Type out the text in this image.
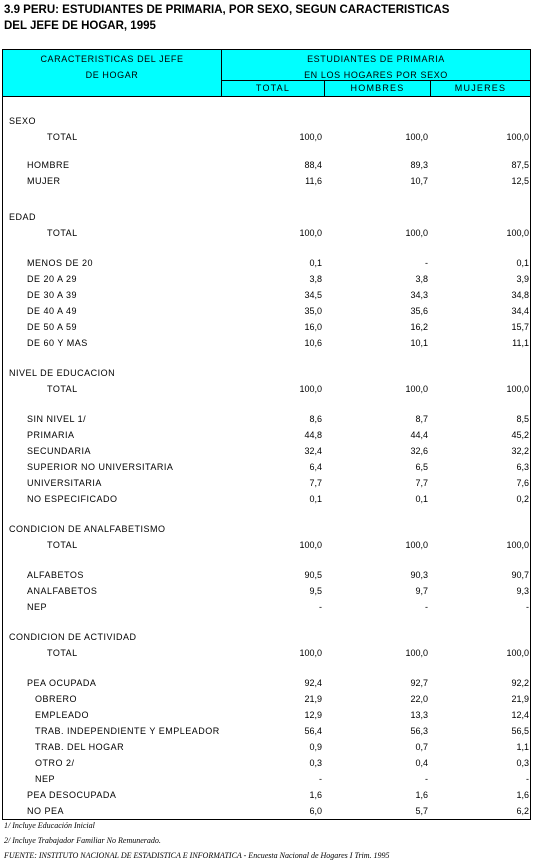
3.9 PERU: ESTUDIANTES DE PRIMARIA, POR SEXO, SEGUN CARACTERISTICAS
DEL JEFE DE HOGAR, 1995
CARACTERISTICAS DEL JEFE
DE HOGAR
ESTUDIANTES DE PRIMARIA
EN LOS HOGARES POR SEXO
TOTAL	HOMBRES	MUJERES
SEXO
TOTAL	100,0	100,0	100,0
HOMBRE	88,4	89,3	87,5
MUJER	11,6	10,7	12,5
EDAD
TOTAL	100,0	100,0	100,0
MENOS DE 20	0,1	-	0,1
DE 20 A 29	3,8	3,8	3,9
DE 30 A 39	34,5	34,3	34,8
DE 40 A 49	35,0	35,6	34,4
DE 50 A 59	16,0	16,2	15,7
DE 60 Y MAS	10,6	10,1	11,1
NIVEL DE EDUCACION
TOTAL	100,0	100,0	100,0
SIN NIVEL 1/	8,6	8,7	8,5
PRIMARIA	44,8	44,4	45,2
SECUNDARIA	32,4	32,6	32,2
SUPERIOR NO UNIVERSITARIA	6,4	6,5	6,3
UNIVERSITARIA	7,7	7,7	7,6
NO ESPECIFICADO	0,1	0,1	0,2
CONDICION DE ANALFABETISMO
TOTAL	100,0	100,0	100,0
ALFABETOS	90,5	90,3	90,7
ANALFABETOS	9,5	9,7	9,3
NEP	-	-	-
CONDICION DE ACTIVIDAD
TOTAL	100,0	100,0	100,0
PEA OCUPADA	92,4	92,7	92,2
OBRERO	21,9	22,0	21,9
EMPLEADO	12,9	13,3	12,4
TRAB. INDEPENDIENTE Y EMPLEADOR	56,4	56,3	56,5
TRAB. DEL HOGAR	0,9	0,7	1,1
OTRO 2/	0,3	0,4	0,3
NEP	-	-	-
PEA DESOCUPADA	1,6	1,6	1,6
NO PEA	6,0	5,7	6,2
1/ Incluye Educación Inicial
2/ Incluye Trabajador Familiar No Remunerado.
FUENTE: INSTITUTO NACIONAL DE ESTADISTICA E INFORMATICA - Encuesta Nacional de Hogares I Trim. 1995
